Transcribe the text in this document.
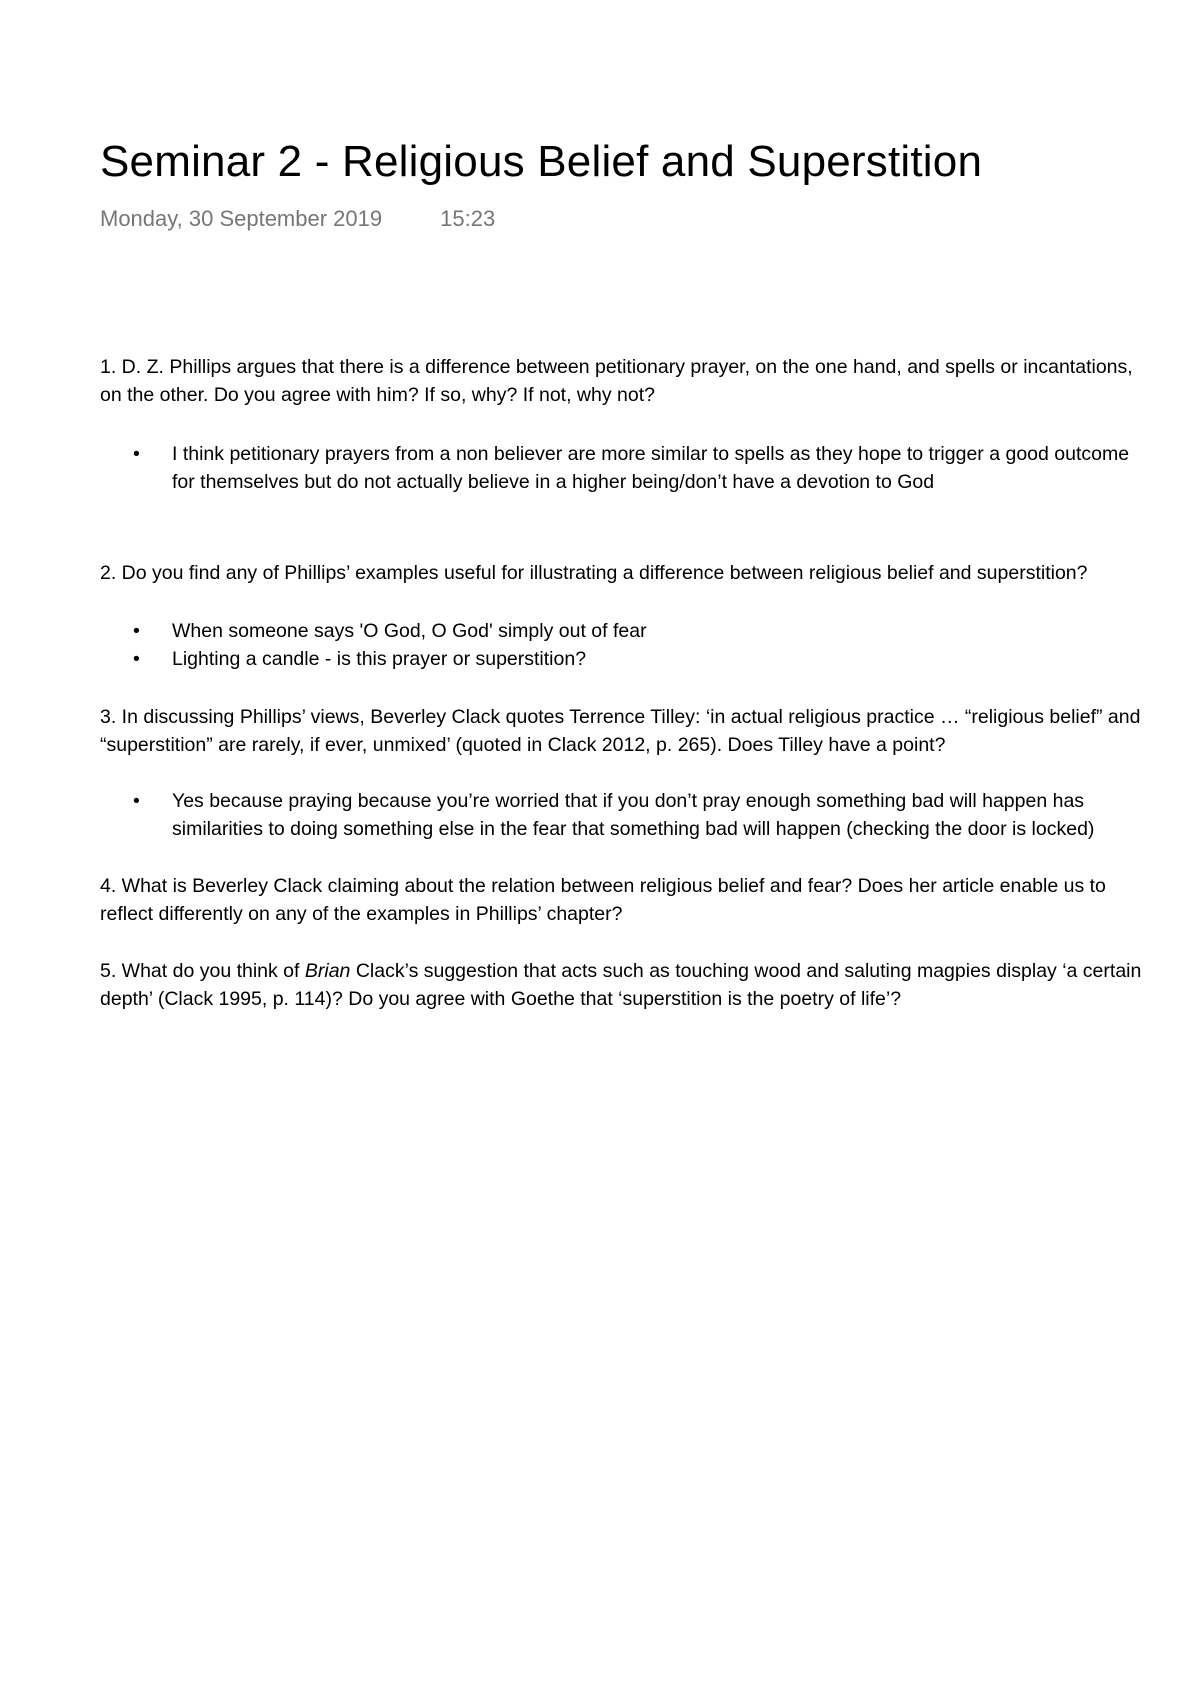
Seminar 2 - Religious Belief and Superstition
Monday, 30 September 2019	15:23

1. D. Z. Phillips argues that there is a difference between petitionary prayer, on the one hand, and spells or incantations,
on the other. Do you agree with him? If so, why? If not, why not?

• I think petitionary prayers from a non believer are more similar to spells as they hope to trigger a good outcome
for themselves but do not actually believe in a higher being/don’t have a devotion to God

2. Do you find any of Phillips’ examples useful for illustrating a difference between religious belief and superstition?

• When someone says 'O God, O God' simply out of fear
• Lighting a candle - is this prayer or superstition?

3. In discussing Phillips’ views, Beverley Clack quotes Terrence Tilley: ‘in actual religious practice … “religious belief” and
“superstition” are rarely, if ever, unmixed’ (quoted in Clack 2012, p. 265). Does Tilley have a point?

• Yes because praying because you’re worried that if you don’t pray enough something bad will happen has
similarities to doing something else in the fear that something bad will happen (checking the door is locked)

4. What is Beverley Clack claiming about the relation between religious belief and fear? Does her article enable us to
reflect differently on any of the examples in Phillips’ chapter?

5. What do you think of Brian Clack’s suggestion that acts such as touching wood and saluting magpies display ‘a certain
depth’ (Clack 1995, p. 114)? Do you agree with Goethe that ‘superstition is the poetry of life’?
